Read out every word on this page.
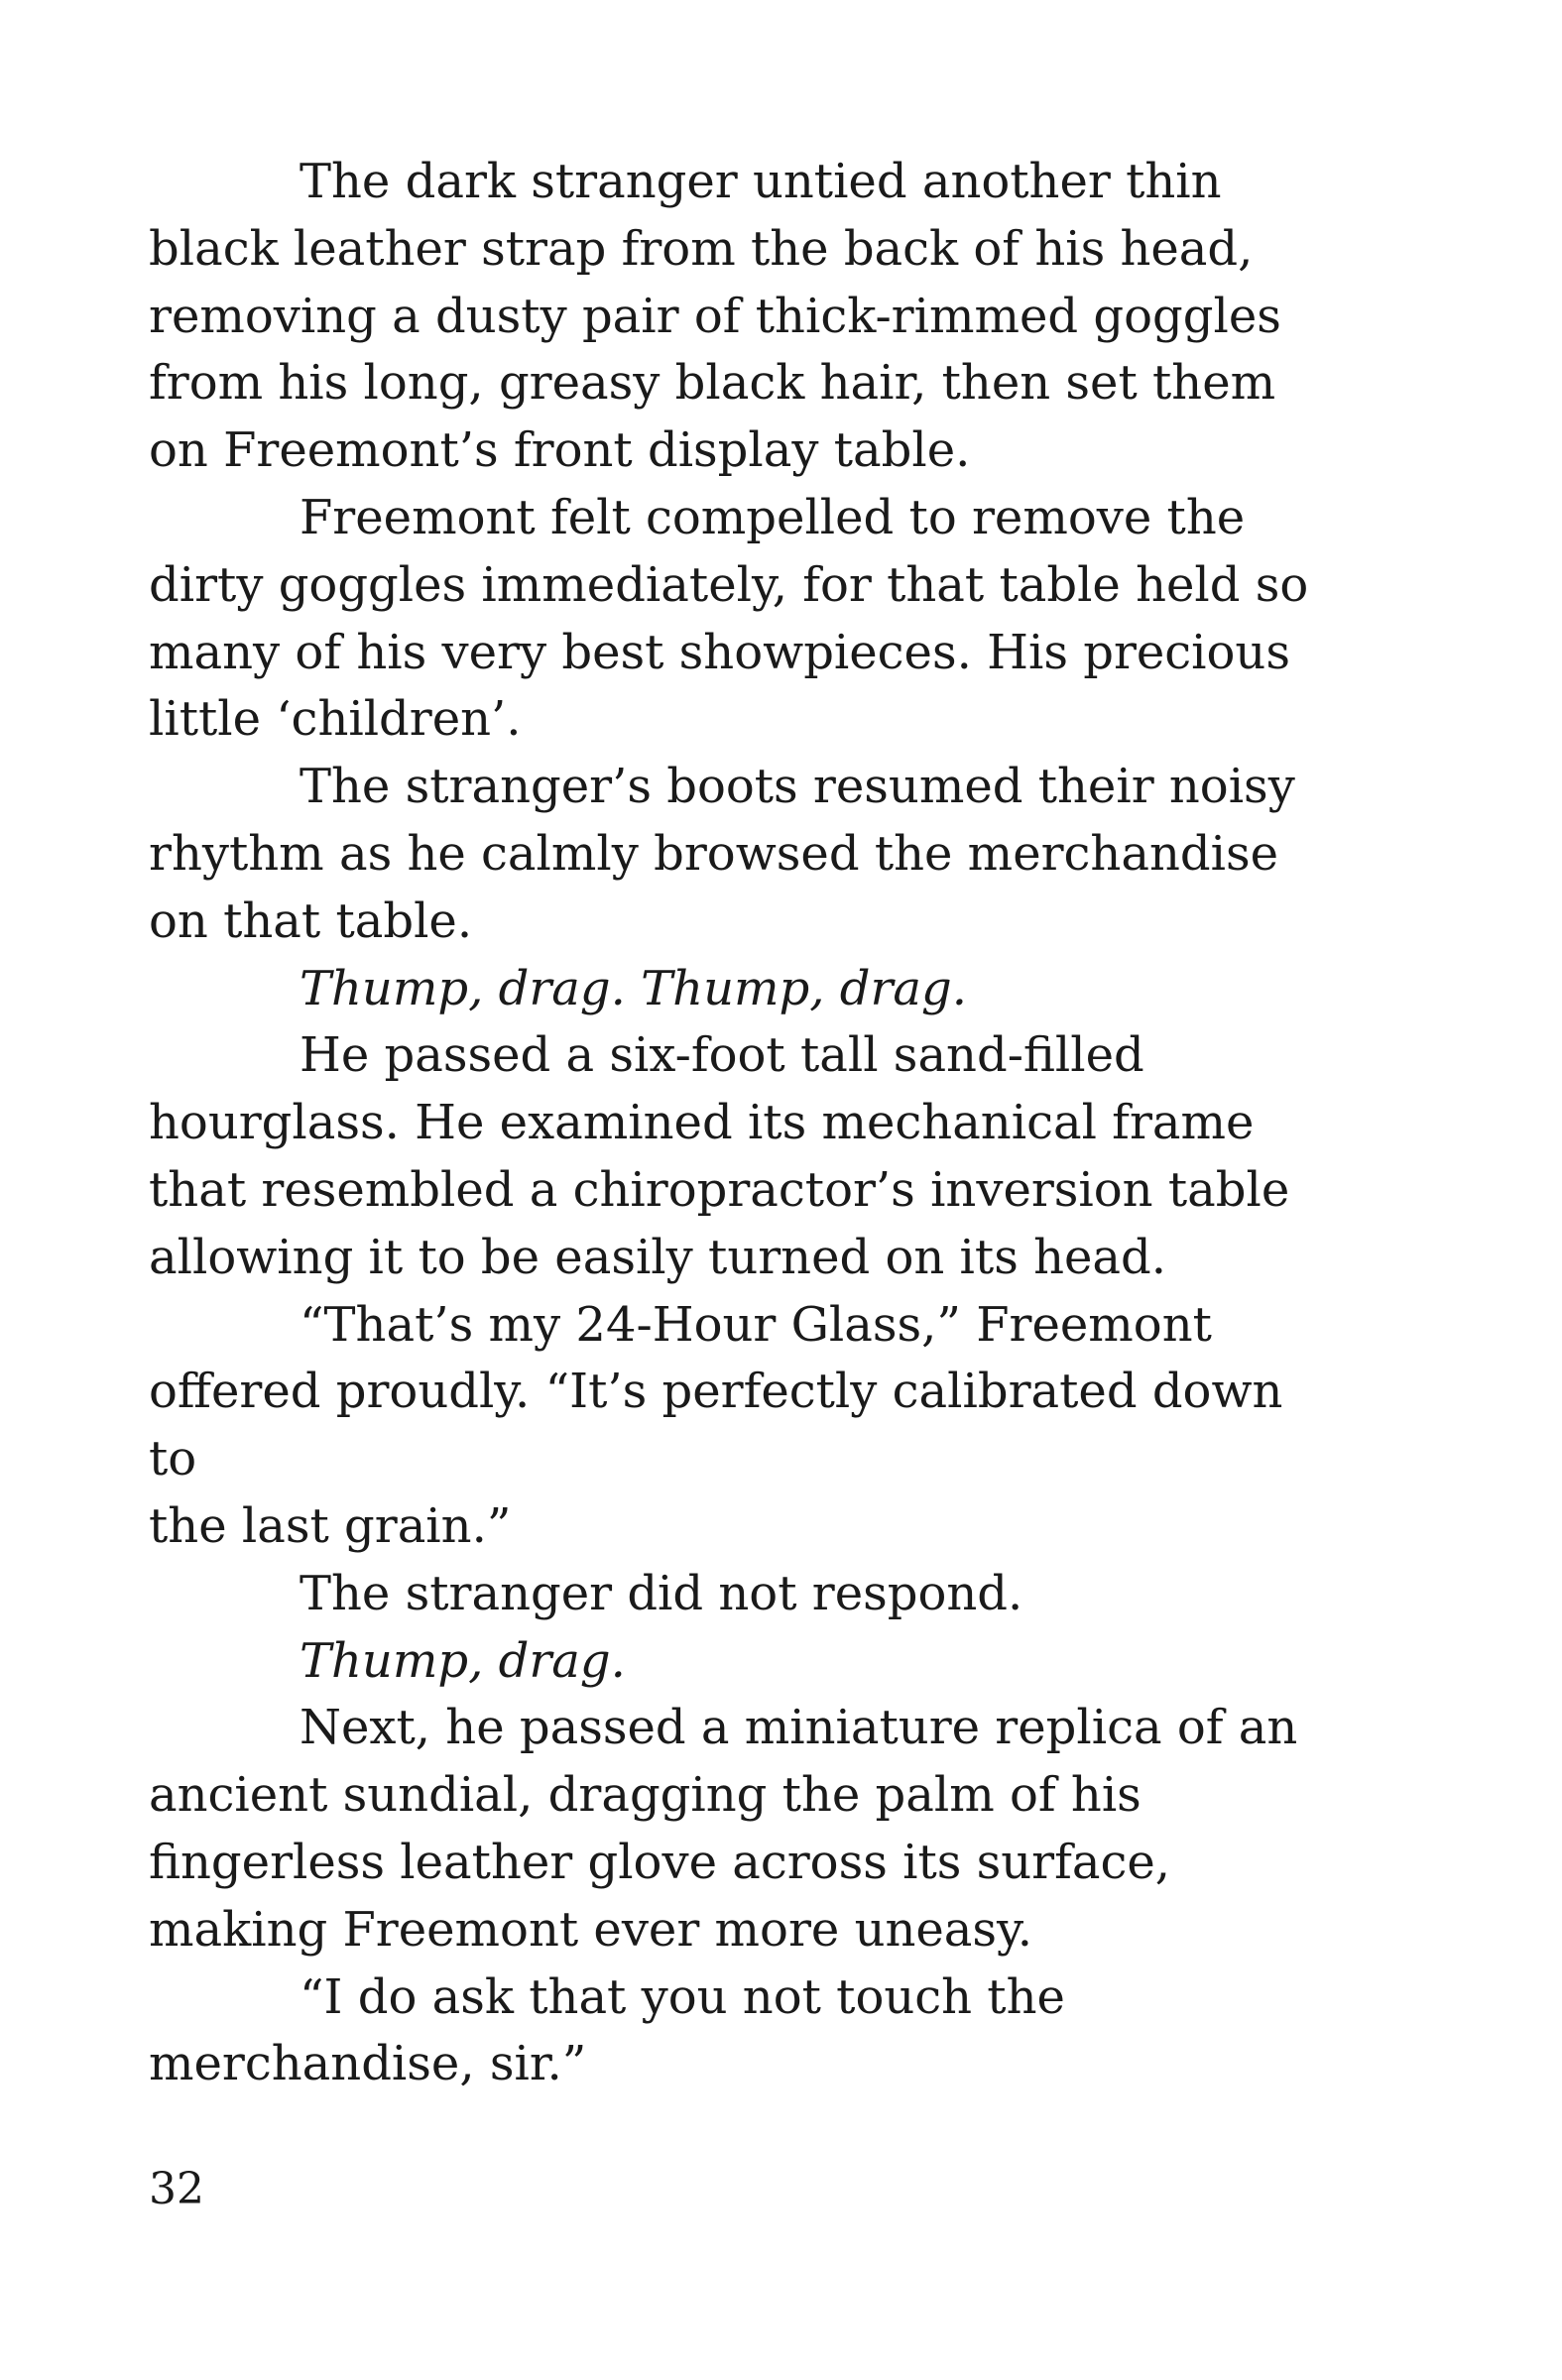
The dark stranger untied another thin
black leather strap from the back of his head,
removing a dusty pair of thick-rimmed goggles
from his long, greasy black hair, then set them
on Freemont’s front display table.

Freemont felt compelled to remove the
dirty goggles immediately, for that table held so
many of his very best showpieces. His precious
little ‘children’.

The stranger’s boots resumed their noisy
rhythm as he calmly browsed the merchandise
on that table.

Thump, drag. Thump, drag.

He passed a six-foot tall sand-filled
hourglass. He examined its mechanical frame
that resembled a chiropractor’s inversion table
allowing it to be easily turned on its head.

“That’s my 24-Hour Glass,” Freemont
offered proudly. “It’s perfectly calibrated down to
the last grain.”

The stranger did not respond.

Thump, drag.

Next, he passed a miniature replica of an
ancient sundial, dragging the palm of his
fingerless leather glove across its surface,
making Freemont ever more uneasy.

“I do ask that you not touch the
merchandise, sir.”

32
